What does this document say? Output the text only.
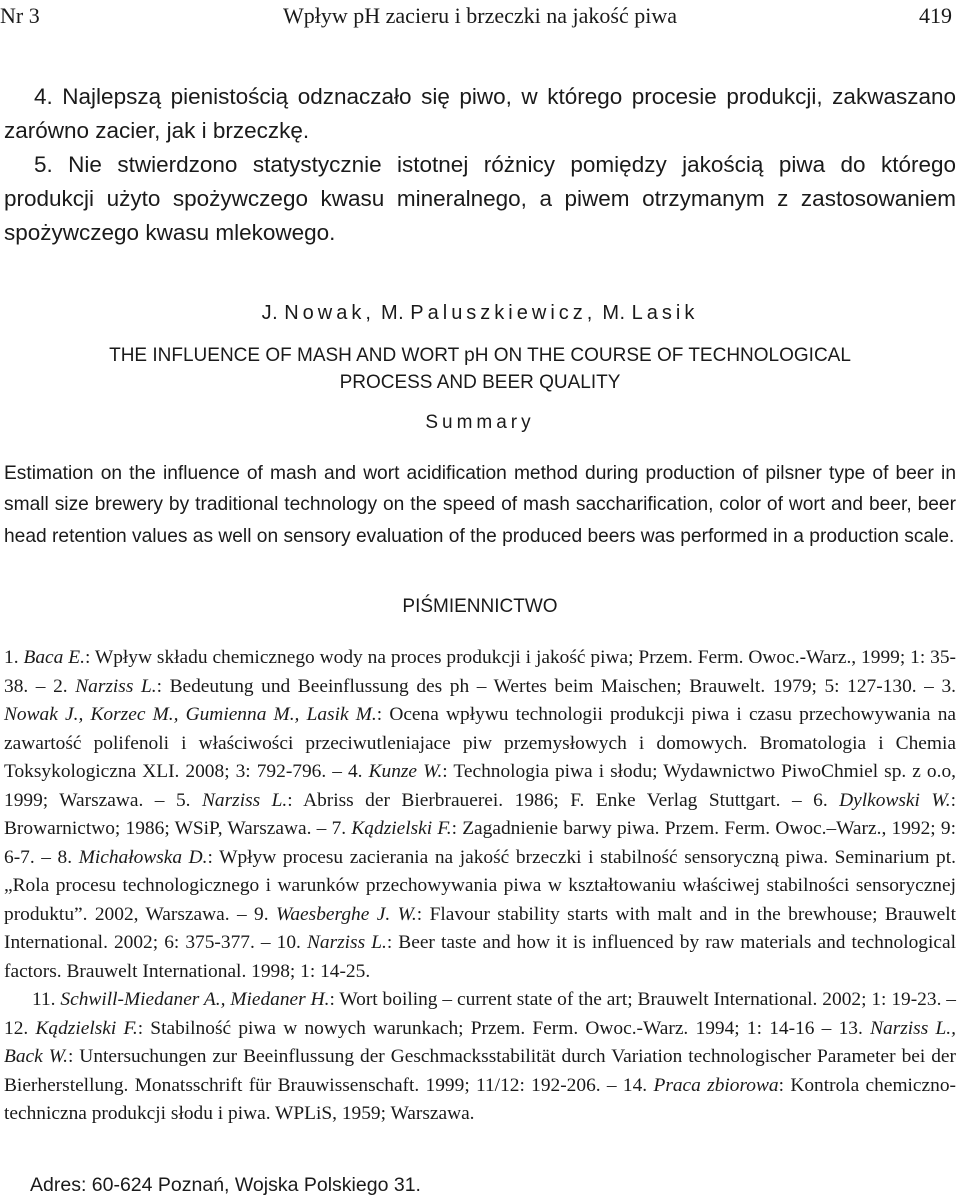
Nr 3	Wpływ pH zacieru i brzeczki na jakość piwa	419

4. Najlepszą pienistością odznaczało się piwo, w którego procesie produkcji, zakwaszano zarówno zacier, jak i brzeczkę.

5. Nie stwierdzono statystycznie istotnej różnicy pomiędzy jakością piwa do którego produkcji użyto spożywczego kwasu mineralnego, a piwem otrzymanym z zastosowaniem spożywczego kwasu mlekowego.

J. Nowak, M. Paluszkiewicz, M. Lasik
THE INFLUENCE OF MASH AND WORT pH ON THE COURSE OF TECHNOLOGICAL
PROCESS AND BEER QUALITY
Summary

Estimation on the influence of mash and wort acidification method during production of pilsner type of beer in small size brewery by traditional technology on the speed of mash saccharification, color of wort and beer, beer head retention values as well on sensory evaluation of the produced beers was performed in a production scale.

PIŚMIENNICTWO

1. Baca E.: Wpływ składu chemicznego wody na proces produkcji i jakość piwa; Przem. Ferm. Owoc.-Warz., 1999; 1: 35-38. – 2. Narziss L.: Bedeutung und Beeinflussung des ph – Wertes beim Maischen; Brauwelt. 1979; 5: 127-130. – 3. Nowak J., Korzec M., Gumienna M., Lasik M.: Ocena wpływu technologii produkcji piwa i czasu przechowywania na zawartość polifenoli i właściwości przeciwutleniajace piw przemysłowych i domowych. Bromatologia i Chemia Toksykologiczna XLI. 2008; 3: 792-796. – 4. Kunze W.: Technologia piwa i słodu; Wydawnictwo PiwoChmiel sp. z o.o, 1999; Warszawa. – 5. Narziss L.: Abriss der Bierbrauerei. 1986; F. Enke Verlag Stuttgart. – 6. Dylkowski W.: Browarnictwo; 1986; WSiP, Warszawa. – 7. Kądzielski F.: Zagadnienie barwy piwa. Przem. Ferm. Owoc.–Warz., 1992; 9: 6-7. – 8. Michałowska D.: Wpływ procesu zacierania na jakość brzeczki i stabilność sensoryczną piwa. Seminarium pt. „Rola procesu technologicznego i warunków przechowywania piwa w kształtowaniu właściwej stabilności sensorycznej produktu”. 2002, Warszawa. – 9. Waesberghe J. W.: Flavour stability starts with malt and in the brewhouse; Brauwelt International. 2002; 6: 375-377. – 10. Narziss L.: Beer taste and how it is influenced by raw materials and technological factors. Brauwelt International. 1998; 1: 14-25.

11. Schwill-Miedaner A., Miedaner H.: Wort boiling – current state of the art; Brauwelt International. 2002; 1: 19-23. – 12. Kądzielski F.: Stabilność piwa w nowych warunkach; Przem. Ferm. Owoc.-Warz. 1994; 1: 14-16 – 13. Narziss L., Back W.: Untersuchungen zur Beeinflussung der Geschmacksstabilität durch Variation technologischer Parameter bei der Bierherstellung. Monatsschrift für Brauwissenschaft. 1999; 11/12: 192-206. – 14. Praca zbiorowa: Kontrola chemiczno-techniczna produkcji słodu i piwa. WPLiS, 1959; Warszawa.

Adres: 60-624 Poznań, Wojska Polskiego 31.
